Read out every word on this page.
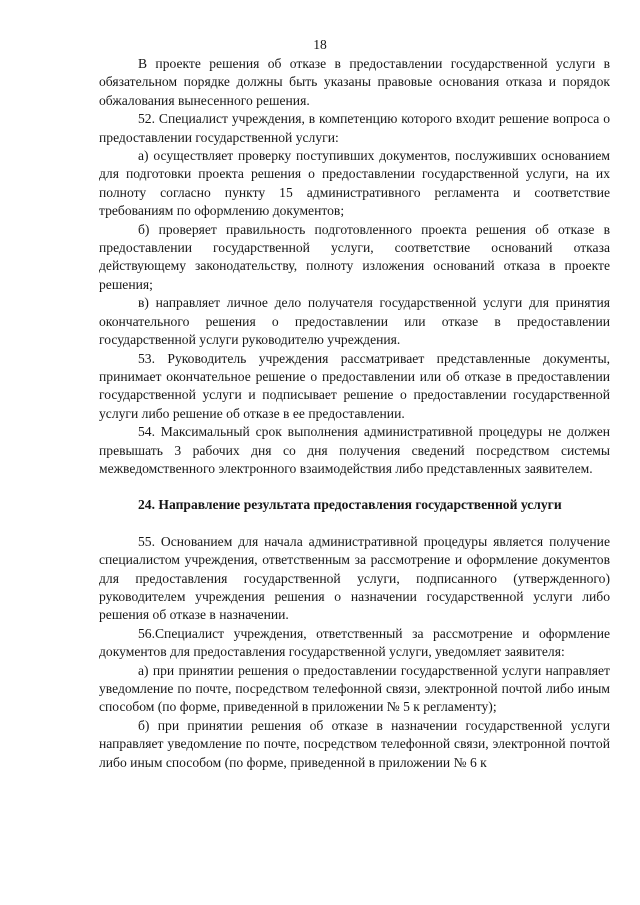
18

В проекте решения об отказе в предоставлении государственной услуги в обязательном порядке должны быть указаны правовые основания отказа и порядок обжалования вынесенного решения.

52. Специалист учреждения, в компетенцию которого входит решение вопроса о предоставлении государственной услуги:

а) осуществляет проверку поступивших документов, послуживших основанием для подготовки проекта решения о предоставлении государственной услуги, на их полноту согласно пункту 15 административного регламента и соответствие требованиям по оформлению документов;

б) проверяет правильность подготовленного проекта решения об отказе в предоставлении государственной услуги, соответствие оснований отказа действующему законодательству, полноту изложения оснований отказа в проекте решения;

в) направляет личное дело получателя государственной услуги для принятия окончательного решения о предоставлении или отказе в предоставлении государственной услуги руководителю учреждения.

53. Руководитель учреждения рассматривает представленные документы, принимает окончательное решение о предоставлении или об отказе в предоставлении государственной услуги и подписывает решение о предоставлении государственной услуги либо решение об отказе в ее предоставлении.

54. Максимальный срок выполнения административной процедуры не должен превышать 3 рабочих дня со дня получения сведений посредством системы межведомственного электронного взаимодействия либо представленных заявителем.

24. Направление результата предоставления государственной услуги

55. Основанием для начала административной процедуры является получение специалистом учреждения, ответственным за рассмотрение и оформление документов для предоставления государственной услуги, подписанного (утвержденного) руководителем учреждения решения о назначении государственной услуги либо решения об отказе в назначении.

56.Специалист учреждения, ответственный за рассмотрение и оформление документов для предоставления государственной услуги, уведомляет заявителя:

а) при принятии решения о предоставлении государственной услуги направляет уведомление по почте, посредством телефонной связи, электронной почтой либо иным способом (по форме, приведенной в приложении № 5 к регламенту);

б) при принятии решения об отказе в назначении государственной услуги направляет уведомление по почте, посредством телефонной связи, электронной почтой либо иным способом (по форме, приведенной в приложении № 6 к
